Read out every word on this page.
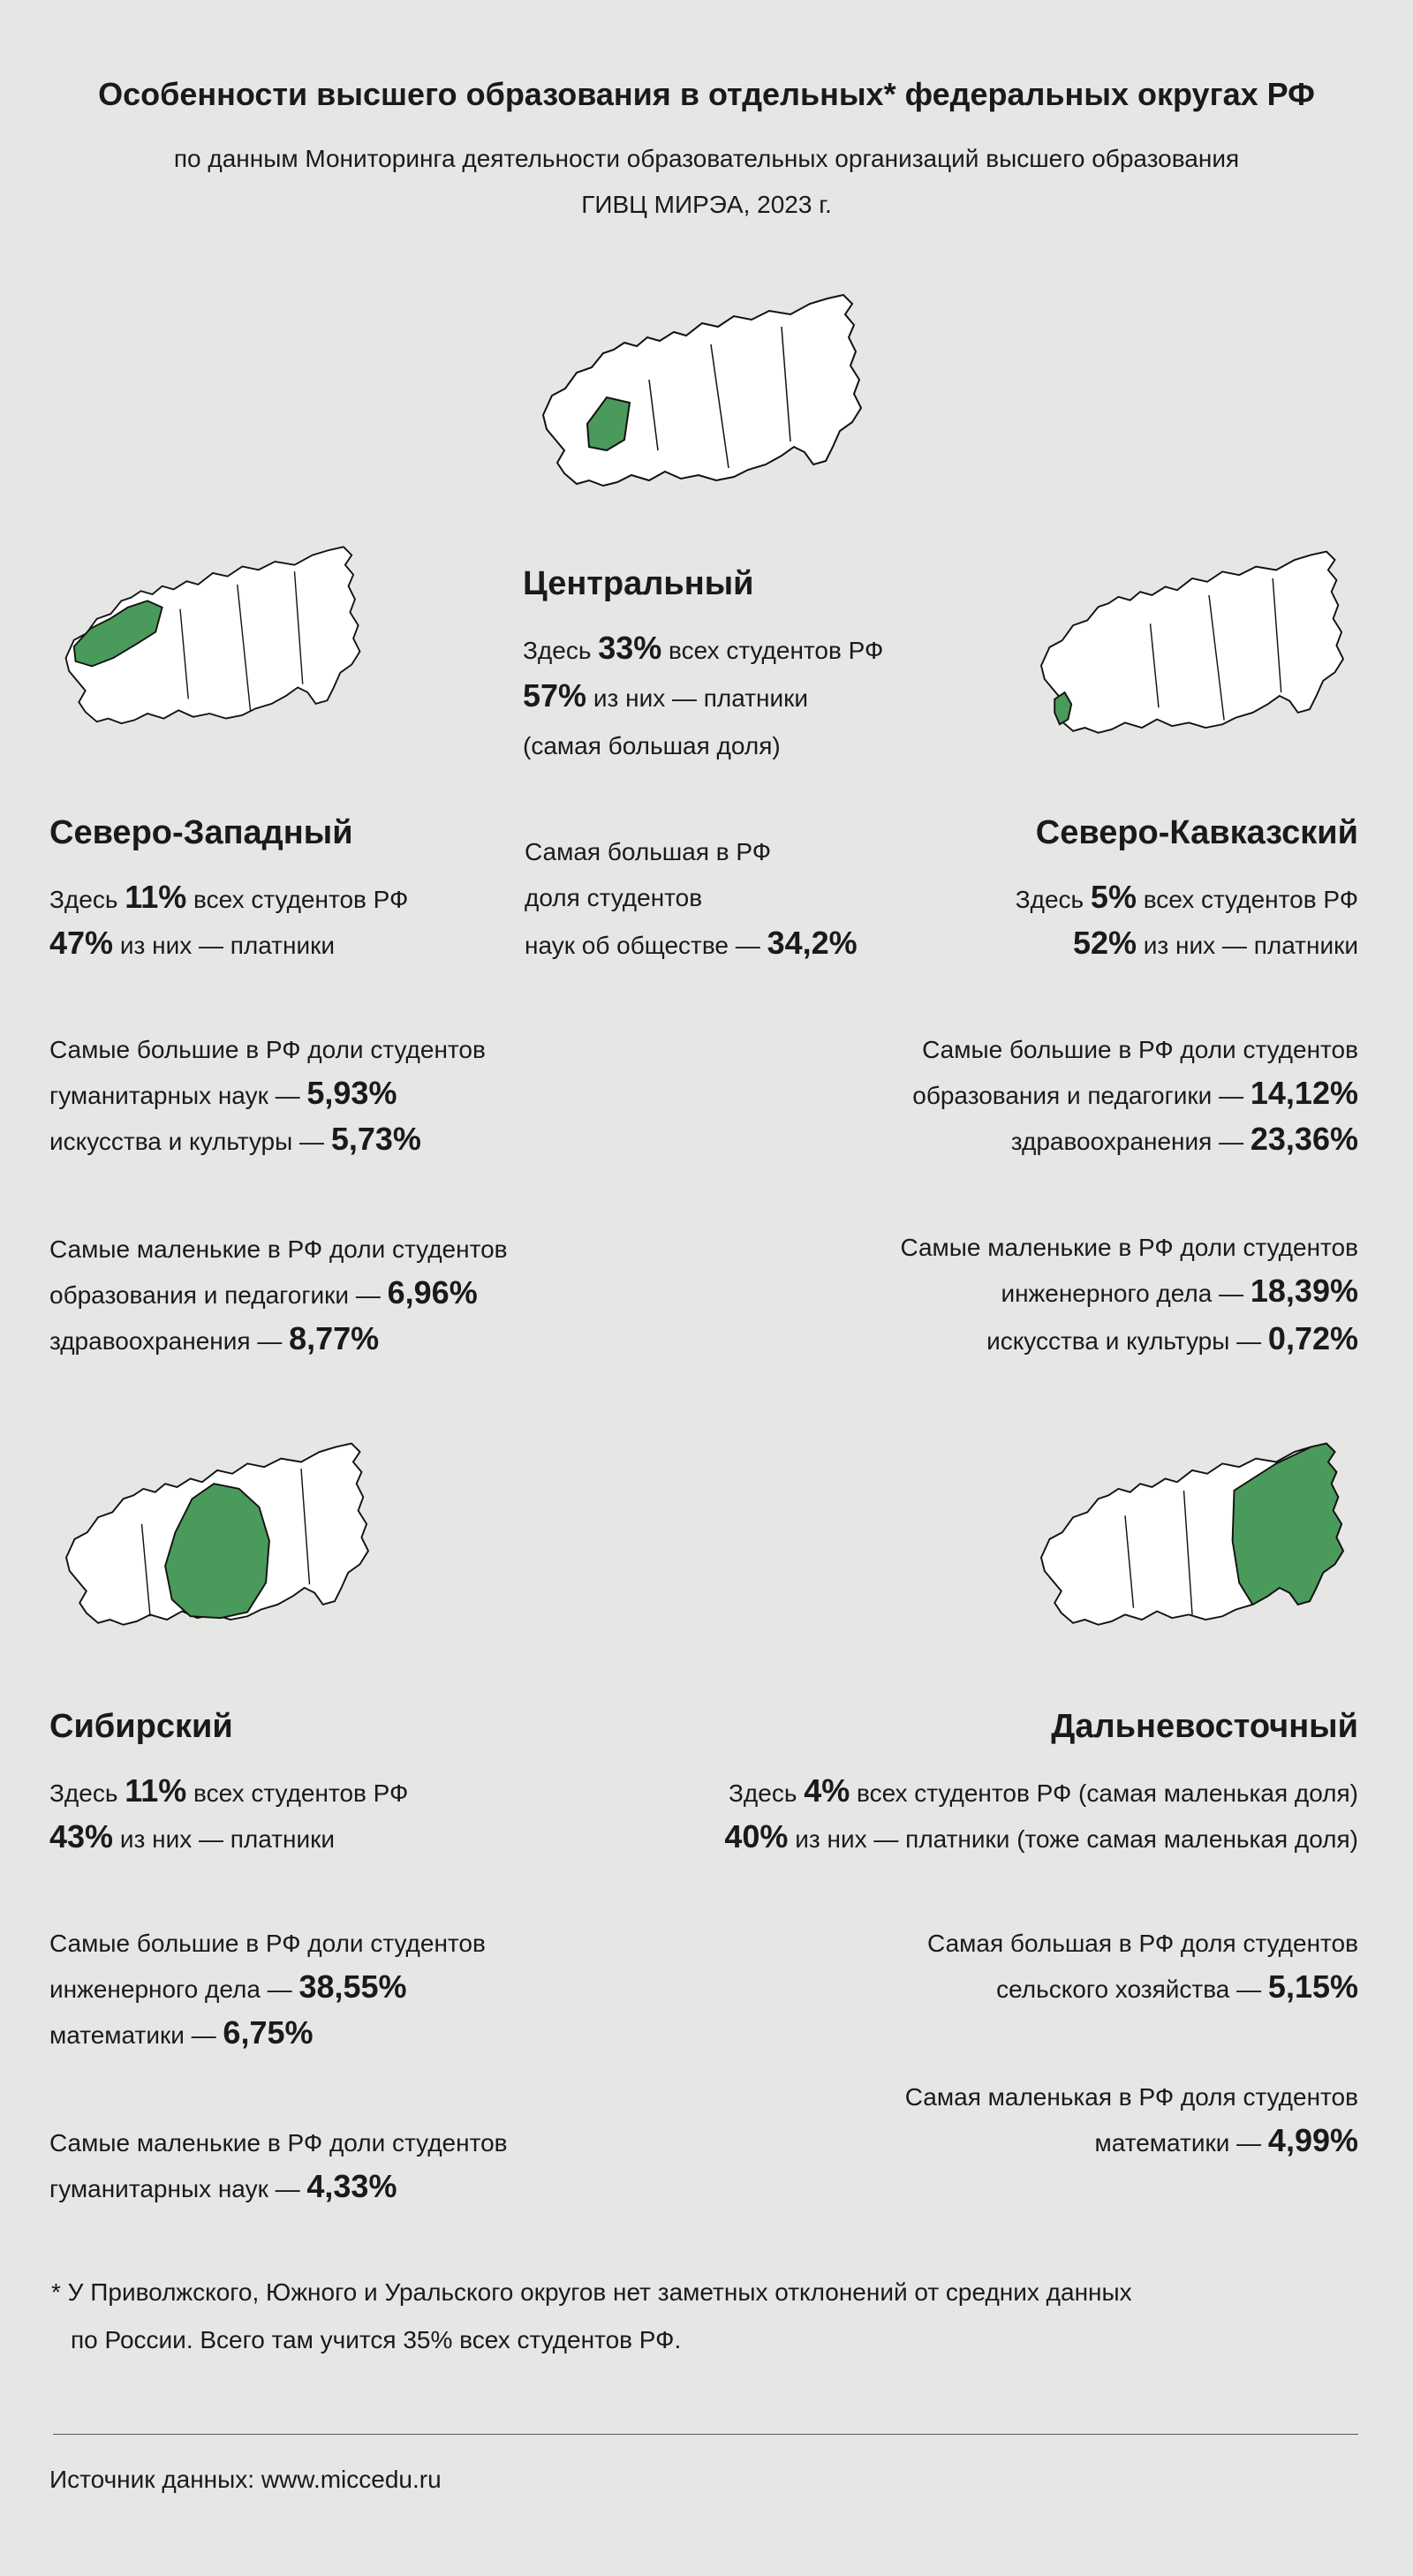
Особенности высшего образования в отдельных* федеральных округах РФ
по данным Мониторинга деятельности образовательных организаций высшего образования
ГИВЦ МИРЭА, 2023 г.
Центральный
Здесь 33% всех студентов РФ
57% из них — платники
(самая большая доля)
Самая большая в РФ
доля студентов
наук об обществе — 34,2%
Северо-Западный
Здесь 11% всех студентов РФ
47% из них — платники
Самые большие в РФ доли студентов
гуманитарных наук — 5,93%
искусства и культуры — 5,73%
Самые маленькие в РФ доли студентов
образования и педагогики — 6,96%
здравоохранения — 8,77%
Северо-Кавказский
Здесь 5% всех студентов РФ
52% из них — платники
Самые большие в РФ доли студентов
образования и педагогики — 14,12%
здравоохранения — 23,36%
Самые маленькие в РФ доли студентов
инженерного дела — 18,39%
искусства и культуры — 0,72%
Сибирский
Здесь 11% всех студентов РФ
43% из них — платники
Самые большие в РФ доли студентов
инженерного дела — 38,55%
математики — 6,75%
Самые маленькие в РФ доли студентов
гуманитарных наук — 4,33%
Дальневосточный
Здесь 4% всех студентов РФ (самая маленькая доля)
40% из них — платники (тоже самая маленькая доля)
Самая большая в РФ доля студентов
сельского хозяйства — 5,15%
Самая маленькая в РФ доля студентов
математики — 4,99%
* У Приволжского, Южного и Уральского округов нет заметных отклонений от средних данных
по России. Всего там учится 35% всех студентов РФ.
Источник данных: www.miccedu.ru
